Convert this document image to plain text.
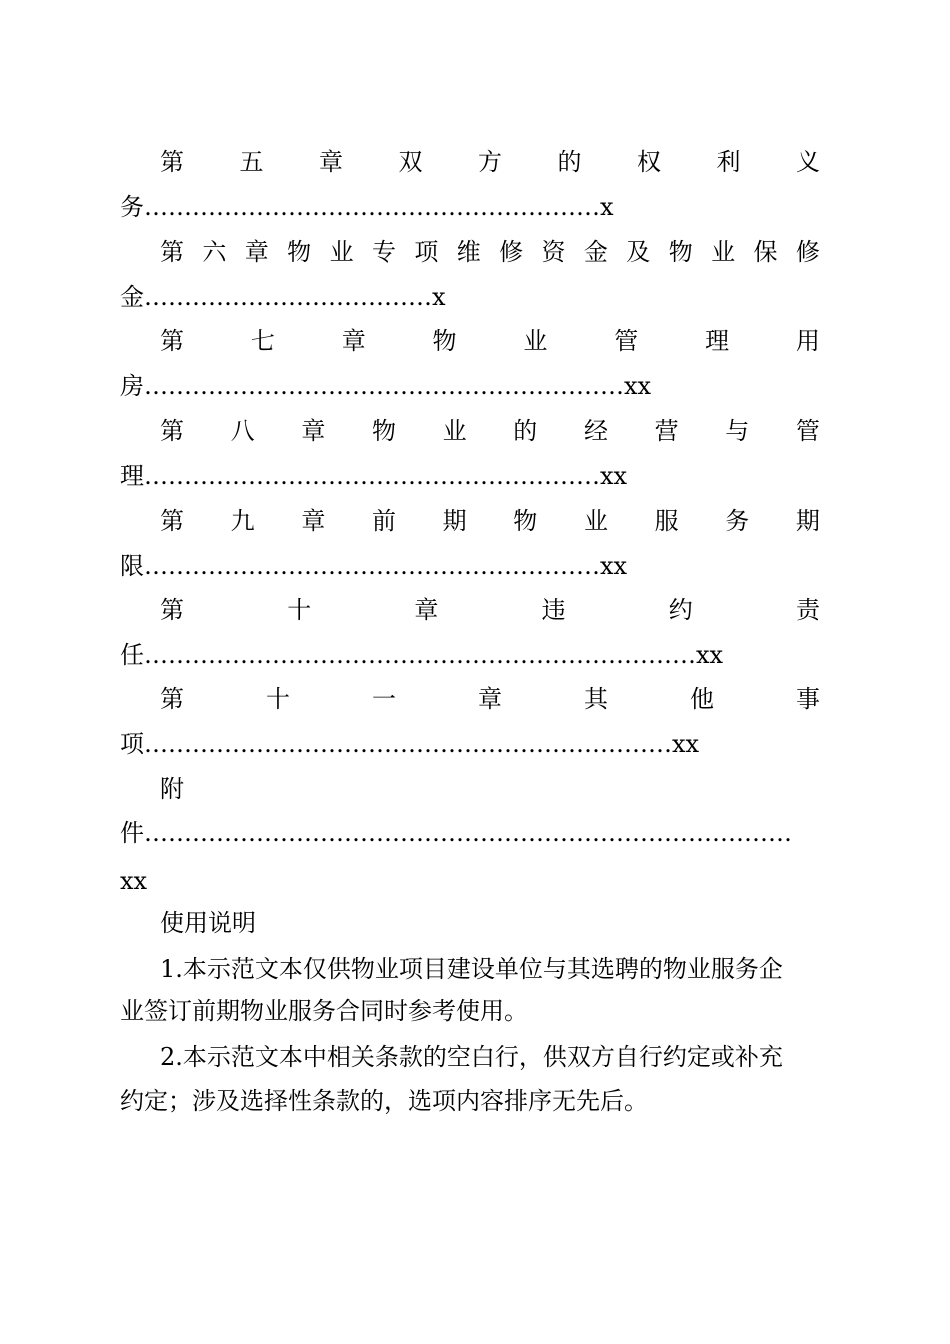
第 五 章 双 方 的 权 利 义
务…………………………………………………x
第 六 章 物 业 专 项 维 修 资 金 及 物 业 保 修
金………………………………x
第	七	章	物	业	管	理	用
房……………………………………………………xx
第 八 章 物 业 的 经 营 与 管
理…………………………………………………xx
第 九 章 前 期 物 业 服 务 期
限…………………………………………………xx
第	十	章	违	约	责
任……………………………………………………………xx
第	十	一	章	其	他	事
项…………………………………………………………xx
附
件………………………………………………………………………
xx
使用说明
1.本示范文本仅供物业项目建设单位与其选聘的物业服务企
业签订前期物业服务合同时参考使用。
2.本示范文本中相关条款的空白行，供双方自行约定或补充
约定；涉及选择性条款的，选项内容排序无先后。
